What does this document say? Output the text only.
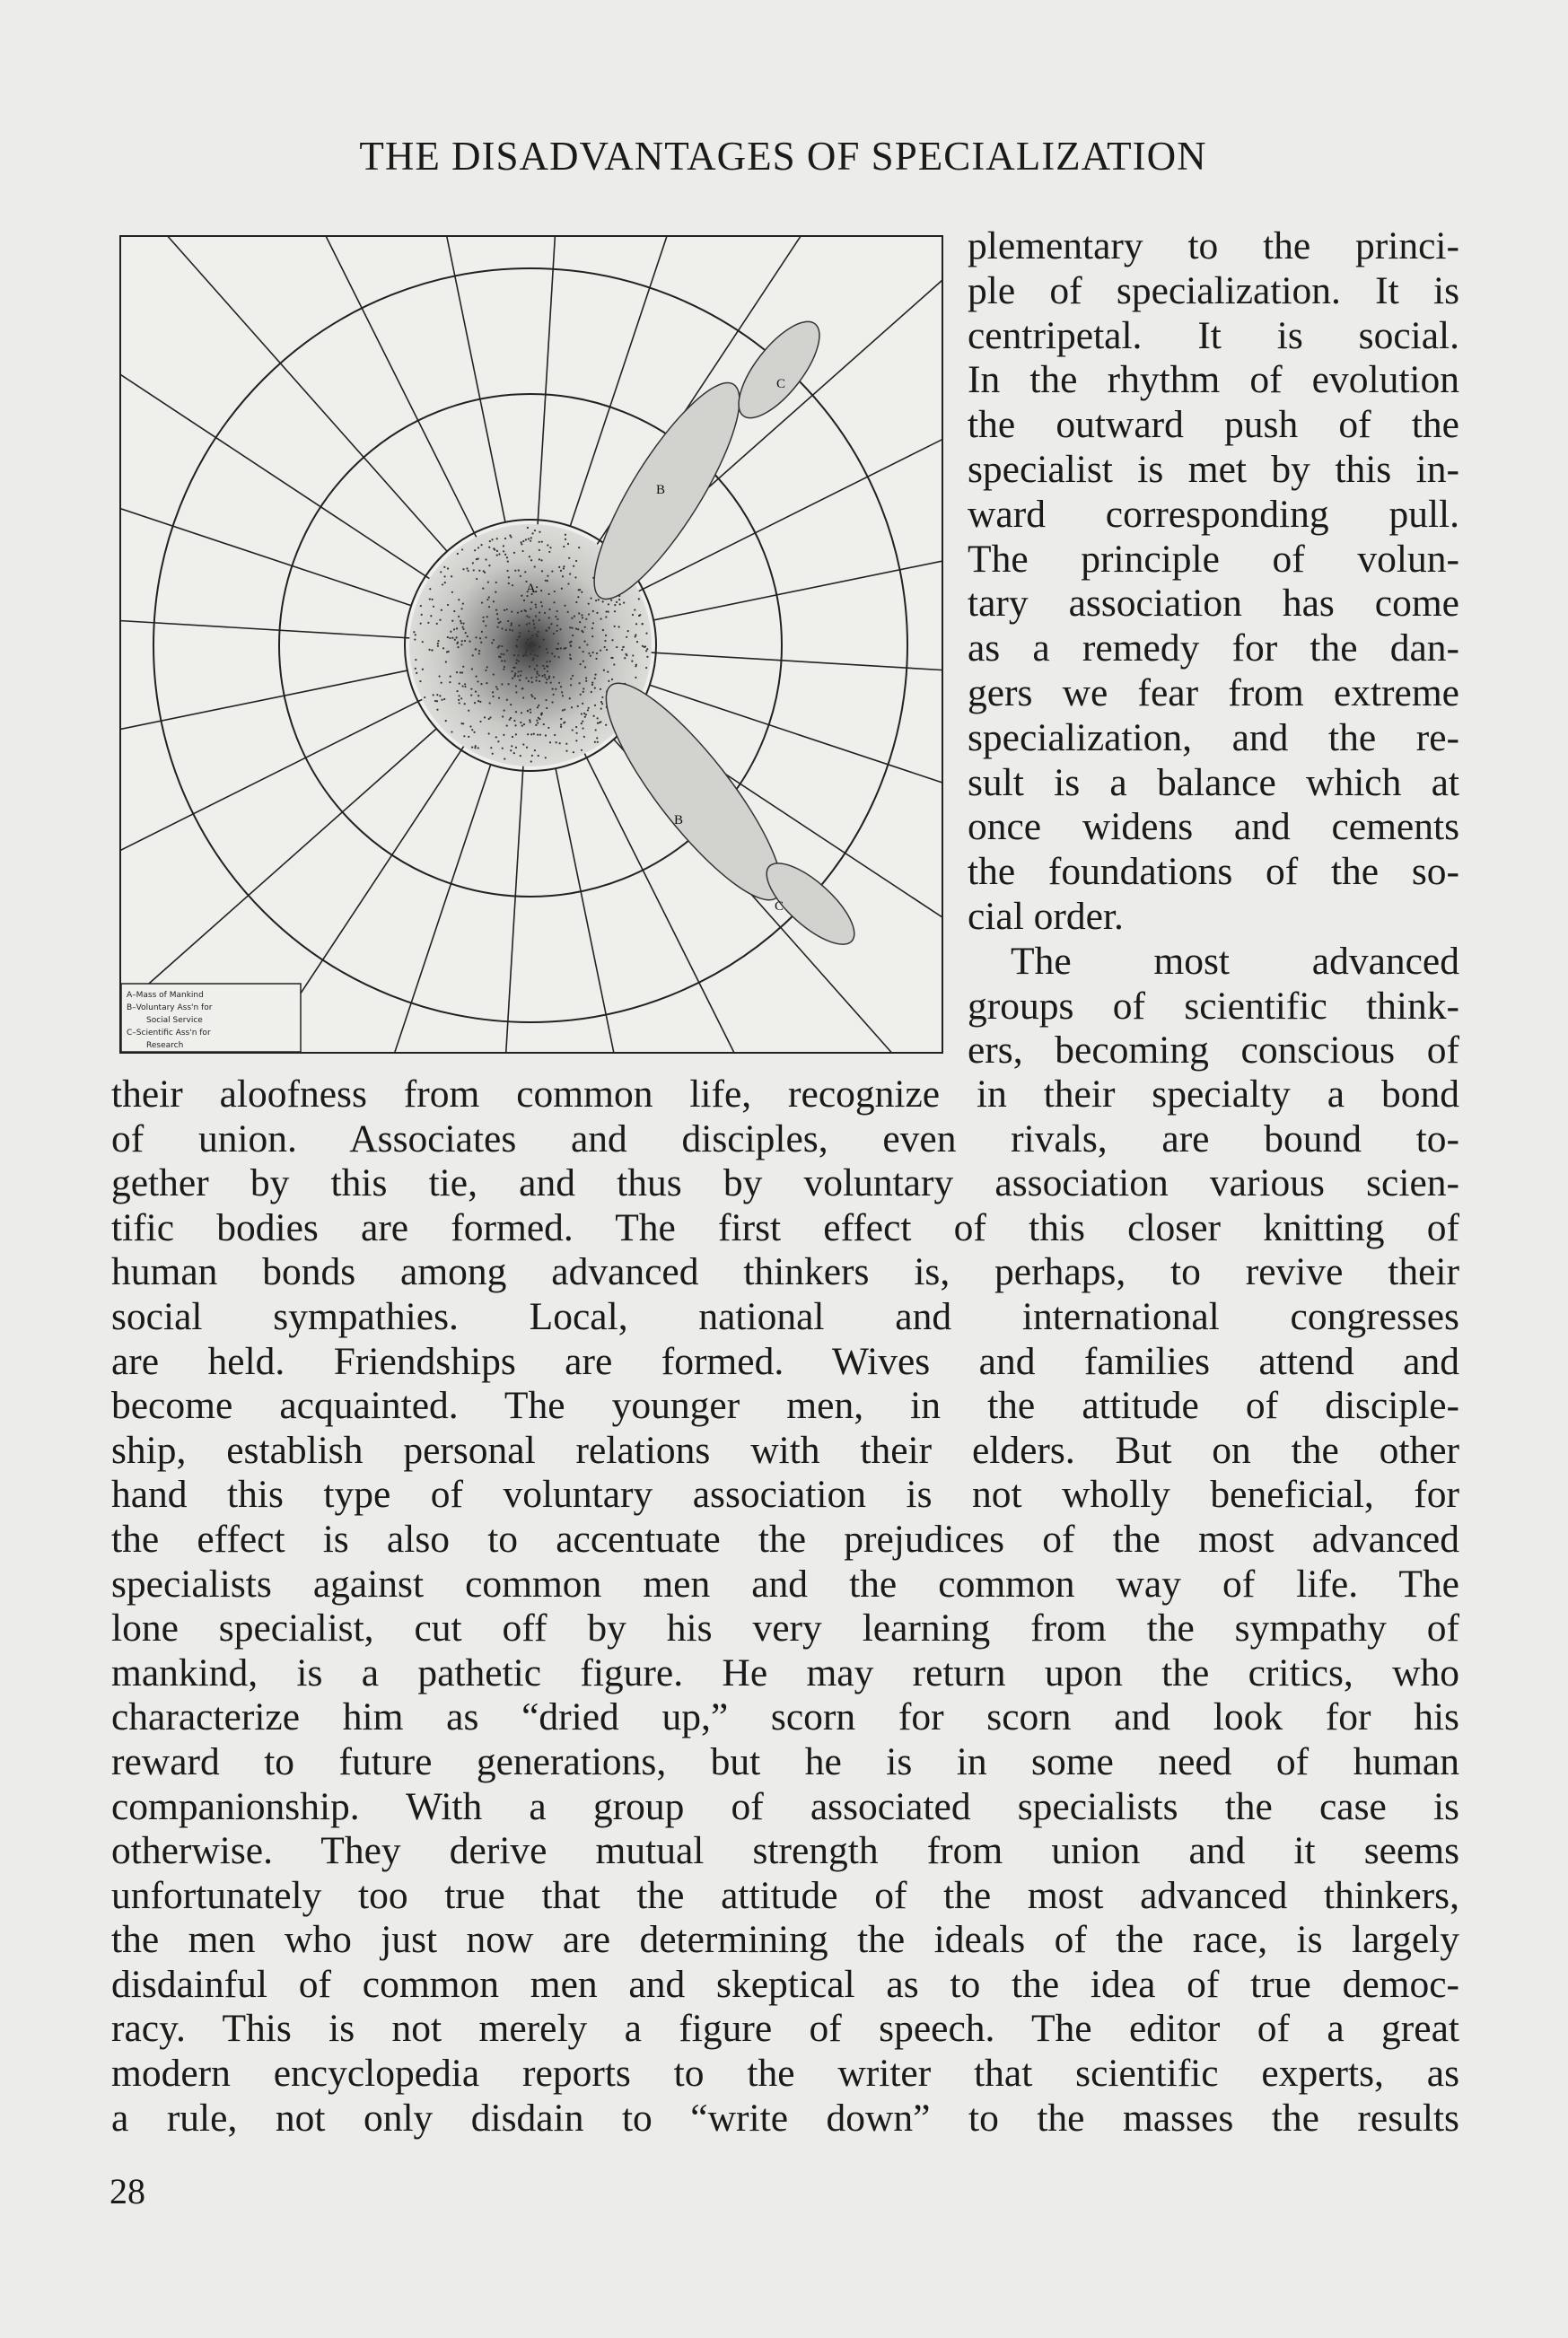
THE DISADVANTAGES OF SPECIALIZATION
A
B
C
B
C
A–Mass of Mankind
B–Voluntary Ass'n for
Social Service
C–Scientific Ass'n for
Research
plementary to the princi-
ple of specialization. It is
centripetal. It is social.
In the rhythm of evolution
the outward push of the
specialist is met by this in-
ward corresponding pull.
The principle of volun-
tary association has come
as a remedy for the dan-
gers we fear from extreme
specialization, and the re-
sult is a balance which at
once widens and cements
the foundations of the so-
cial order.
The most advanced
groups of scientific think-
ers, becoming conscious of
their aloofness from common life, recognize in their specialty a bond
of union. Associates and disciples, even rivals, are bound to-
gether by this tie, and thus by voluntary association various scien-
tific bodies are formed. The first effect of this closer knitting of
human bonds among advanced thinkers is, perhaps, to revive their
social sympathies. Local, national and international congresses
are held. Friendships are formed. Wives and families attend and
become acquainted. The younger men, in the attitude of disciple-
ship, establish personal relations with their elders. But on the other
hand this type of voluntary association is not wholly beneficial, for
the effect is also to accentuate the prejudices of the most advanced
specialists against common men and the common way of life. The
lone specialist, cut off by his very learning from the sympathy of
mankind, is a pathetic figure. He may return upon the critics, who
characterize him as “dried up,” scorn for scorn and look for his
reward to future generations, but he is in some need of human
companionship. With a group of associated specialists the case is
otherwise. They derive mutual strength from union and it seems
unfortunately too true that the attitude of the most advanced thinkers,
the men who just now are determining the ideals of the race, is largely
disdainful of common men and skeptical as to the idea of true democ-
racy. This is not merely a figure of speech. The editor of a great
modern encyclopedia reports to the writer that scientific experts, as
a rule, not only disdain to “write down” to the masses the results
28
